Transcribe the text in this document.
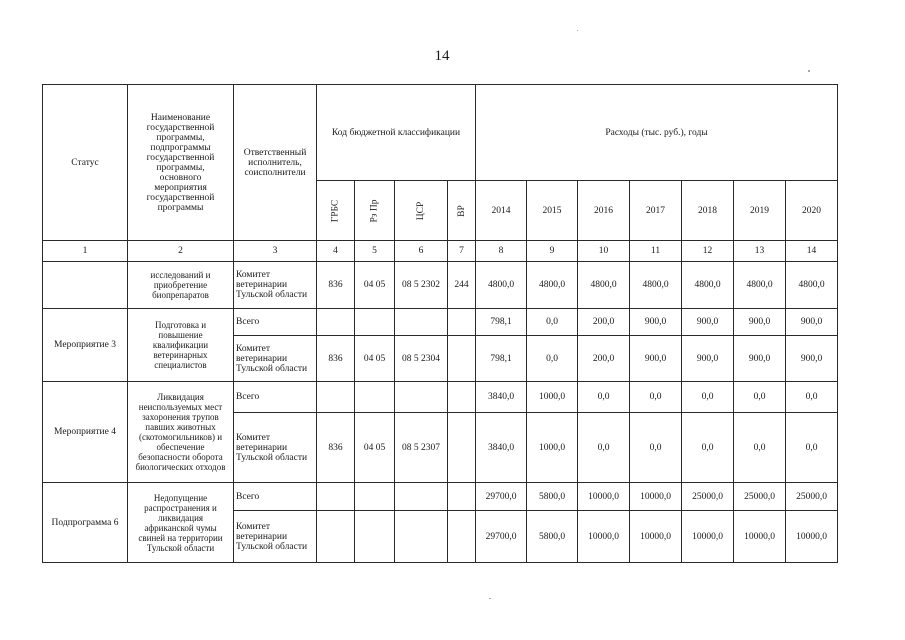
14
Статус	Наименование государственной программы, подпрограммы государственной программы, основного мероприятия государственной программы	Ответственный исполнитель, соисполнители	Код бюджетной классификации				Расходы (тыс. руб.), годы						
			ГРБС	Рз Пр	ЦСР	ВР	2014	2015	2016	2017	2018	2019	2020
1	2	3	4	5	6	7	8	9	10	11	12	13	14
	исследований и приобретение биопрепаратов	Комитет ветеринарии Тульской области	836	04 05	08 5 2302	244	4800,0	4800,0	4800,0	4800,0	4800,0	4800,0	4800,0
Мероприятие 3	Подготовка и повышение квалификации ветеринарных специалистов	Всего					798,1	0,0	200,0	900,0	900,0	900,0	900,0
		Комитет ветеринарии Тульской области	836	04 05	08 5 2304		798,1	0,0	200,0	900,0	900,0	900,0	900,0
Мероприятие 4	Ликвидация неиспользуемых мест захоронения трупов павших животных (скотомогильников) и обеспечение безопасности оборота биологических отходов	Всего					3840,0	1000,0	0,0	0,0	0,0	0,0	0,0
		Комитет ветеринарии Тульской области	836	04 05	08 5 2307		3840,0	1000,0	0,0	0,0	0,0	0,0	0,0
Подпрограмма 6	Недопущение распространения и ликвидация африканской чумы свиней на территории Тульской области	Всего					29700,0	5800,0	10000,0	10000,0	25000,0	25000,0	25000,0
		Комитет ветеринарии Тульской области					29700,0	5800,0	10000,0	10000,0	10000,0	10000,0	10000,0
